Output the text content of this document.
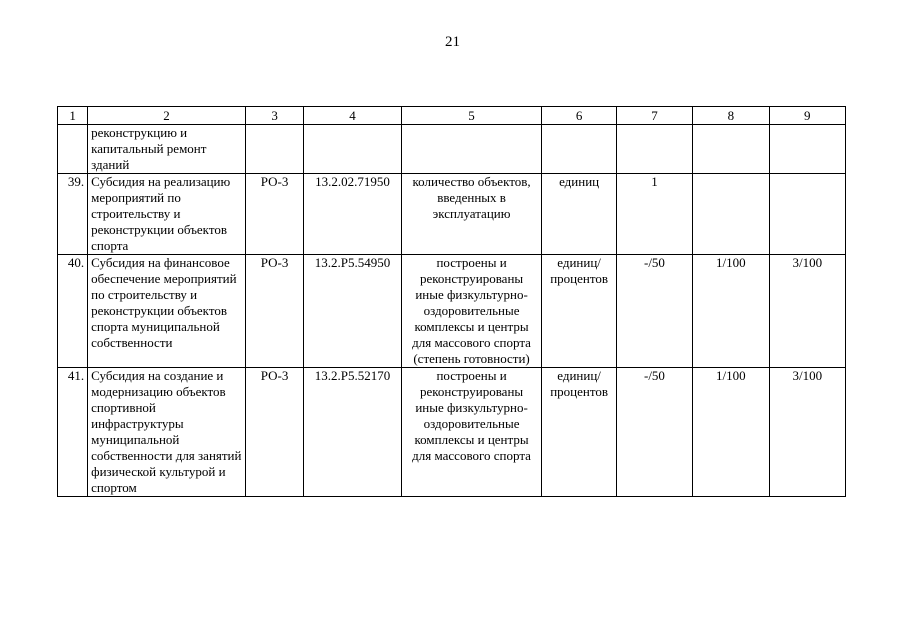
21
1	2	3	4	5	6	7	8	9
	реконструкцию и капитальный ремонт зданий							
39.	Субсидия на реализацию мероприятий по строительству и реконструкции объектов спорта	РО-3	13.2.02.71950	количество объектов, введенных в эксплуатацию	единиц	1		
40.	Субсидия на финансовое обеспечение мероприятий по строительству и реконструкции объектов спорта муниципальной собственности	РО-3	13.2.Р5.54950	построены и реконструированы иные физкультурно-оздоровительные комплексы и центры для массового спорта (степень готовности)	единиц/ процентов	-/50	1/100	3/100
41.	Субсидия на создание и модернизацию объектов спортивной инфраструктуры муниципальной собственности для занятий физической культурой и спортом	РО-3	13.2.Р5.52170	построены и реконструированы иные физкультурно-оздоровительные комплексы и центры для массового спорта	единиц/ процентов	-/50	1/100	3/100
